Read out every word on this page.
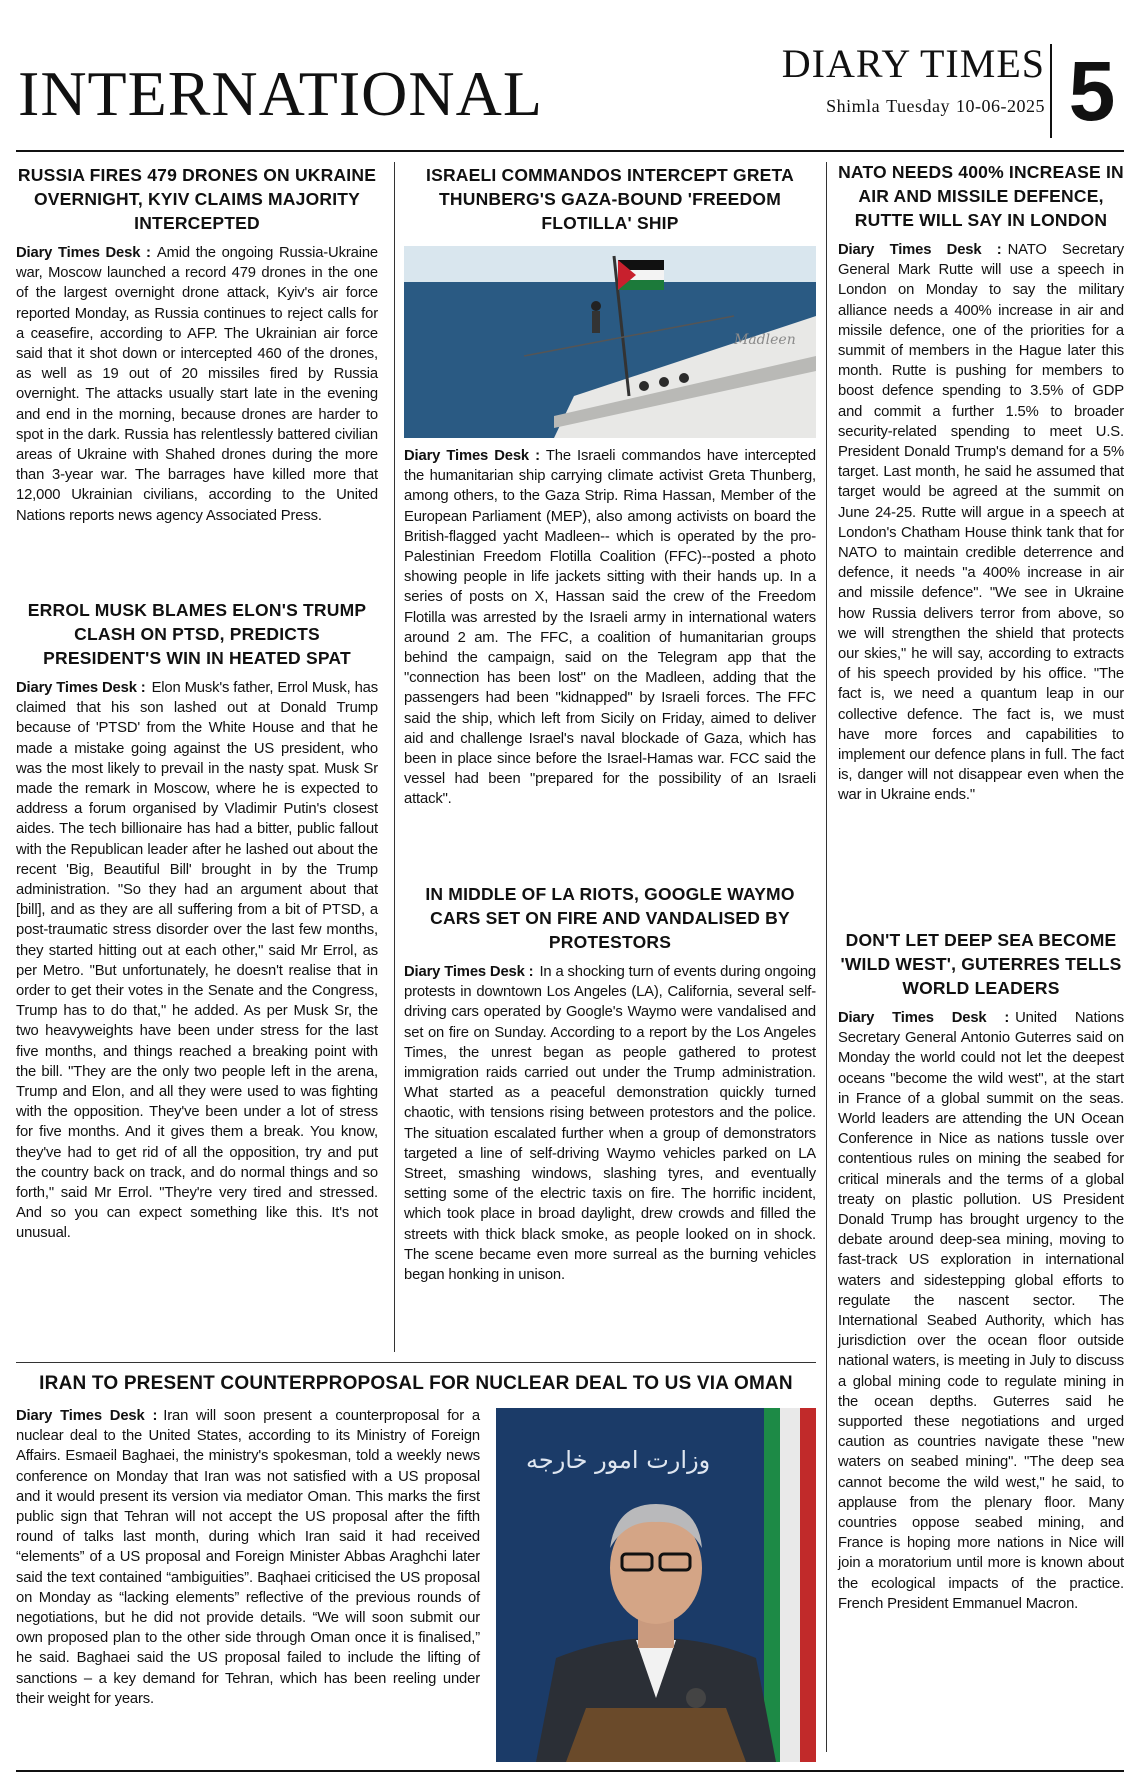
INTERNATIONAL	DIARY TIMES
Shimla Tuesday 10-06-2025 5
RUSSIA FIRES 479 DRONES ON UKRAINE OVERNIGHT, KYIV CLAIMS MAJORITY INTERCEPTED

Diary Times Desk : Amid the ongoing Russia-Ukraine war, Moscow launched a record 479 drones in the one of the largest overnight drone attack, Kyiv's air force reported Monday, as Russia continues to reject calls for a ceasefire, according to AFP. The Ukrainian air force said that it shot down or intercepted 460 of the drones, as well as 19 out of 20 missiles fired by Russia overnight. The attacks usually start late in the evening and end in the morning, because drones are harder to spot in the dark. Russia has relentlessly battered civilian areas of Ukraine with Shahed drones during the more than 3-year war. The barrages have killed more that 12,000 Ukrainian civilians, according to the United Nations reports news agency Associated Press.

ERROL MUSK BLAMES ELON'S TRUMP CLASH ON PTSD, PREDICTS PRESIDENT'S WIN IN HEATED SPAT

Diary Times Desk : Elon Musk's father, Errol Musk, has claimed that his son lashed out at Donald Trump because of 'PTSD' from the White House and that he made a mistake going against the US president, who was the most likely to prevail in the nasty spat. Musk Sr made the remark in Moscow, where he is expected to address a forum organised by Vladimir Putin's closest aides. The tech billionaire has had a bitter, public fallout with the Republican leader after he lashed out about the recent 'Big, Beautiful Bill' brought in by the Trump administration. "So they had an argument about that [bill], and as they are all suffering from a bit of PTSD, a post-traumatic stress disorder over the last few months, they started hitting out at each other," said Mr Errol, as per Metro. "But unfortunately, he doesn't realise that in order to get their votes in the Senate and the Congress, Trump has to do that," he added. As per Musk Sr, the two heavyweights have been under stress for the last five months, and things reached a breaking point with the bill. "They are the only two people left in the arena, Trump and Elon, and all they were used to was fighting with the opposition. They've been under a lot of stress for five months. And it gives them a break. You know, they've had to get rid of all the opposition, try and put the country back on track, and do normal things and so forth," said Mr Errol. "They're very tired and stressed. And so you can expect something like this. It's not unusual.

ISRAELI COMMANDOS INTERCEPT GRETA THUNBERG'S GAZA-BOUND 'FREEDOM FLOTILLA' SHIP
Madleen

Diary Times Desk : The Israeli commandos have intercepted the humanitarian ship carrying climate activist Greta Thunberg, among others, to the Gaza Strip. Rima Hassan, Member of the European Parliament (MEP), also among activists on board the British-flagged yacht Madleen-- which is operated by the pro-Palestinian Freedom Flotilla Coalition (FFC)--posted a photo showing people in life jackets sitting with their hands up. In a series of posts on X, Hassan said the crew of the Freedom Flotilla was arrested by the Israeli army in international waters around 2 am. The FFC, a coalition of humanitarian groups behind the campaign, said on the Telegram app that the "connection has been lost" on the Madleen, adding that the passengers had been "kidnapped" by Israeli forces. The FFC said the ship, which left from Sicily on Friday, aimed to deliver aid and challenge Israel's naval blockade of Gaza, which has been in place since before the Israel-Hamas war. FCC said the vessel had been "prepared for the possibility of an Israeli attack".

IN MIDDLE OF LA RIOTS, GOOGLE WAYMO CARS SET ON FIRE AND VANDALISED BY PROTESTORS

Diary Times Desk : In a shocking turn of events during ongoing protests in downtown Los Angeles (LA), California, several self-driving cars operated by Google's Waymo were vandalised and set on fire on Sunday. According to a report by the Los Angeles Times, the unrest began as people gathered to protest immigration raids carried out under the Trump administration. What started as a peaceful demonstration quickly turned chaotic, with tensions rising between protestors and the police. The situation escalated further when a group of demonstrators targeted a line of self-driving Waymo vehicles parked on LA Street, smashing windows, slashing tyres, and eventually setting some of the electric taxis on fire. The horrific incident, which took place in broad daylight, drew crowds and filled the streets with thick black smoke, as people looked on in shock. The scene became even more surreal as the burning vehicles began honking in unison.

NATO NEEDS 400% INCREASE IN AIR AND MISSILE DEFENCE, RUTTE WILL SAY IN LONDON

Diary Times Desk : NATO Secretary General Mark Rutte will use a speech in London on Monday to say the military alliance needs a 400% increase in air and missile defence, one of the priorities for a summit of members in the Hague later this month. Rutte is pushing for members to boost defence spending to 3.5% of GDP and commit a further 1.5% to broader security-related spending to meet U.S. President Donald Trump's demand for a 5% target. Last month, he said he assumed that target would be agreed at the summit on June 24-25. Rutte will argue in a speech at London's Chatham House think tank that for NATO to maintain credible deterrence and defence, it needs "a 400% increase in air and missile defence". "We see in Ukraine how Russia delivers terror from above, so we will strengthen the shield that protects our skies," he will say, according to extracts of his speech provided by his office. "The fact is, we need a quantum leap in our collective defence. The fact is, we must have more forces and capabilities to implement our defence plans in full. The fact is, danger will not disappear even when the war in Ukraine ends."

DON'T LET DEEP SEA BECOME 'WILD WEST', GUTERRES TELLS WORLD LEADERS

Diary Times Desk : United Nations Secretary General Antonio Guterres said on Monday the world could not let the deepest oceans "become the wild west", at the start in France of a global summit on the seas. World leaders are attending the UN Ocean Conference in Nice as nations tussle over contentious rules on mining the seabed for critical minerals and the terms of a global treaty on plastic pollution. US President Donald Trump has brought urgency to the debate around deep-sea mining, moving to fast-track US exploration in international waters and sidestepping global efforts to regulate the nascent sector. The International Seabed Authority, which has jurisdiction over the ocean floor outside national waters, is meeting in July to discuss a global mining code to regulate mining in the ocean depths. Guterres said he supported these negotiations and urged caution as countries navigate these "new waters on seabed mining". "The deep sea cannot become the wild west," he said, to applause from the plenary floor. Many countries oppose seabed mining, and France is hoping more nations in Nice will join a moratorium until more is known about the ecological impacts of the practice. French President Emmanuel Macron.

IRAN TO PRESENT COUNTERPROPOSAL FOR NUCLEAR DEAL TO US VIA OMAN

Diary Times Desk : Iran will soon present a counterproposal for a nuclear deal to the United States, according to its Ministry of Foreign Affairs. Esmaeil Baghaei, the ministry's spokesman, told a weekly news conference on Monday that Iran was not satisfied with a US proposal and it would present its version via mediator Oman. This marks the first public sign that Tehran will not accept the US proposal after the fifth round of talks last month, during which Iran said it had received “elements” of a US proposal and Foreign Minister Abbas Araghchi later said the text contained “ambiguities”. Baqhaei criticised the US proposal on Monday as “lacking elements” reflective of the previous rounds of negotiations, but he did not provide details. “We will soon submit our own proposed plan to the other side through Oman once it is finalised,” he said. Baghaei said the US proposal failed to include the lifting of sanctions – a key demand for Tehran, which has been reeling under their weight for years.

وزارت امور خارجه
